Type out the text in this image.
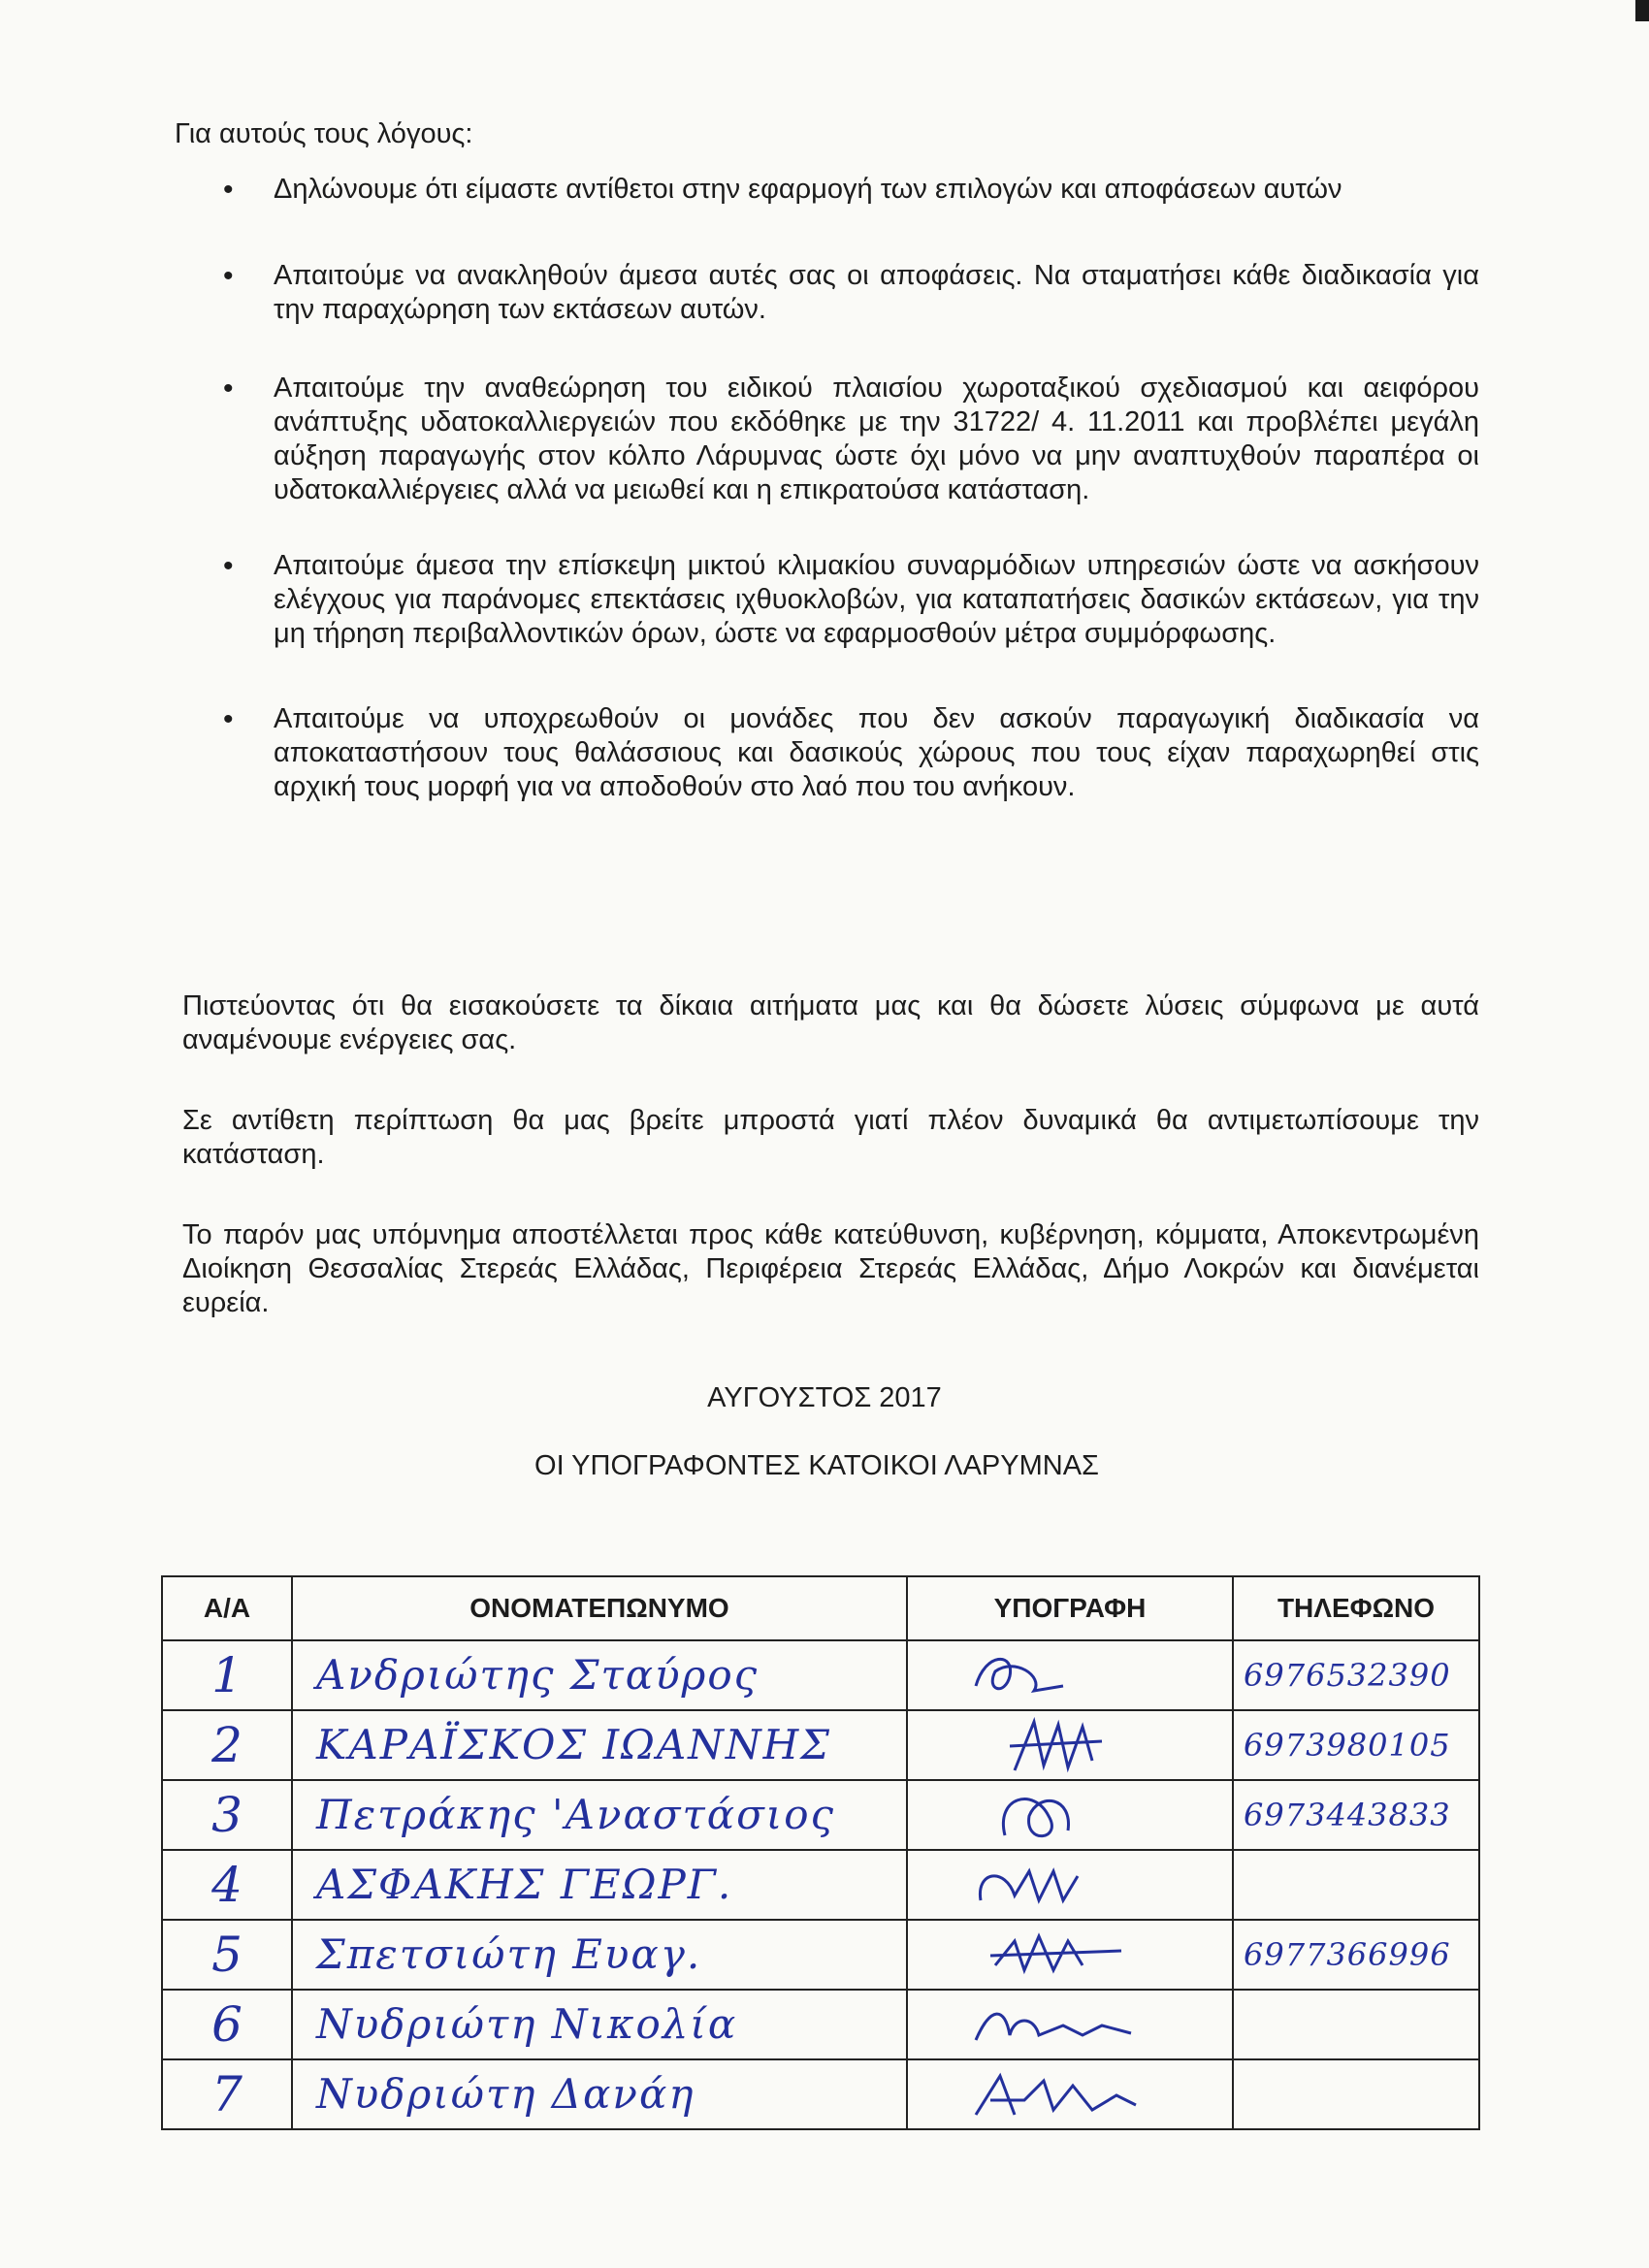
Για αυτούς τους λόγους:
• Δηλώνουμε ότι είμαστε αντίθετοι στην εφαρμογή των επιλογών και αποφάσεων αυτών
• Απαιτούμε να ανακληθούν άμεσα αυτές σας οι αποφάσεις. Να σταματήσει κάθε διαδικασία για την παραχώρηση των εκτάσεων αυτών.
• Απαιτούμε την αναθεώρηση του ειδικού πλαισίου χωροταξικού σχεδιασμού και αειφόρου ανάπτυξης υδατοκαλλιεργειών που εκδόθηκε με την 31722/ 4. 11.2011 και προβλέπει μεγάλη αύξηση παραγωγής στον κόλπο Λάρυμνας ώστε όχι μόνο να μην αναπτυχθούν παραπέρα οι υδατοκαλλιέργειες αλλά να μειωθεί και η επικρατούσα κατάσταση.
• Απαιτούμε άμεσα την επίσκεψη μικτού κλιμακίου συναρμόδιων υπηρεσιών ώστε να ασκήσουν ελέγχους για παράνομες επεκτάσεις ιχθυοκλοβών, για καταπατήσεις δασικών εκτάσεων, για την μη τήρηση περιβαλλοντικών όρων, ώστε να εφαρμοσθούν μέτρα συμμόρφωσης.
• Απαιτούμε να υποχρεωθούν οι μονάδες που δεν ασκούν παραγωγική διαδικασία να αποκαταστήσουν τους θαλάσσιους και δασικούς χώρους που τους είχαν παραχωρηθεί στις αρχική τους μορφή για να αποδοθούν στο λαό που του ανήκουν.
Πιστεύοντας ότι θα εισακούσετε τα δίκαια αιτήματα μας και θα δώσετε λύσεις σύμφωνα με αυτά αναμένουμε ενέργειες σας.
Σε αντίθετη περίπτωση θα μας βρείτε μπροστά γιατί πλέον δυναμικά θα αντιμετωπίσουμε την κατάσταση.
Το παρόν μας υπόμνημα αποστέλλεται προς κάθε κατεύθυνση, κυβέρνηση, κόμματα, Αποκεντρωμένη Διοίκηση Θεσσαλίας Στερεάς Ελλάδας, Περιφέρεια Στερεάς Ελλάδας, Δήμο Λοκρών και διανέμεται ευρεία.
ΑΥΓΟΥΣΤΟΣ 2017
ΟΙ ΥΠΟΓΡΑΦΟΝΤΕΣ ΚΑΤΟΙΚΟΙ ΛΑΡΥΜΝΑΣ
Α/Α	ΟΝΟΜΑΤΕΠΩΝΥΜΟ	ΥΠΟΓΡΑΦΗ	ΤΗΛΕΦΩΝΟ

1	Ανδριώτης Σταύρος		6976532390

2	ΚΑΡΑΪΣΚΟΣ ΙΩΑΝΝΗΣ		6973980105

3	Πετράκης 'Αναστάσιος		6973443833

4	ΑΣΦΑΚΗΣ ΓΕΩΡΓ.	

5	Σπετσιώτη Ευαγ.		6977366996

6	Νυδριώτη Νικολία	

7	Νυδριώτη Δανάη	
